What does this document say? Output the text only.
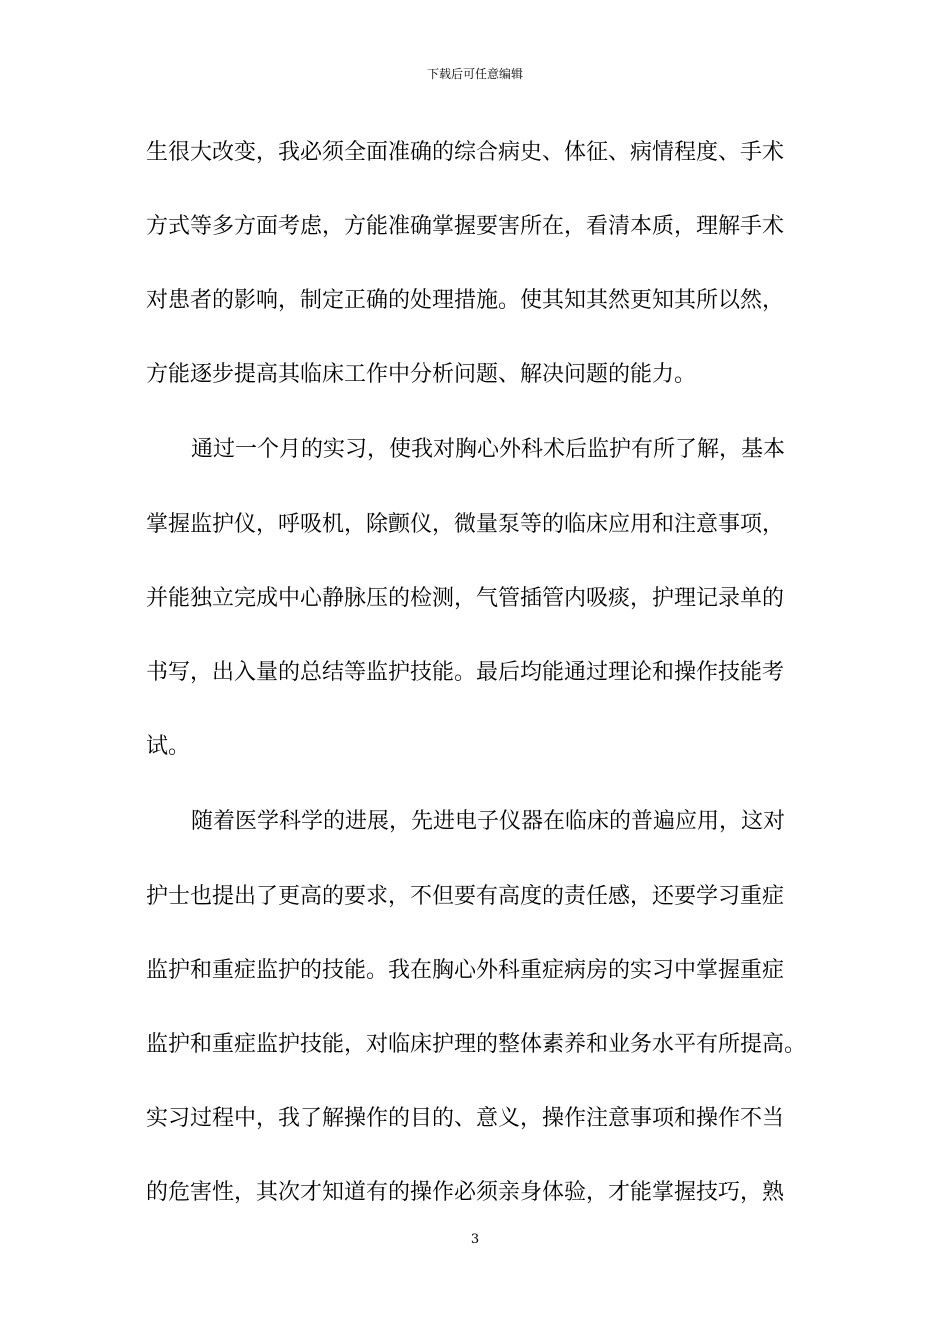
下载后可任意编辑
生很大改变，我必须全面准确的综合病史、体征、病情程度、手术
方式等多方面考虑，方能准确掌握要害所在，看清本质，理解手术
对患者的影响，制定正确的处理措施。使其知其然更知其所以然，
方能逐步提高其临床工作中分析问题、解决问题的能力。
通过一个月的实习，使我对胸心外科术后监护有所了解，基本
掌握监护仪，呼吸机，除颤仪，微量泵等的临床应用和注意事项，
并能独立完成中心静脉压的检测，气管插管内吸痰，护理记录单的
书写，出入量的总结等监护技能。最后均能通过理论和操作技能考
试。
随着医学科学的进展，先进电子仪器在临床的普遍应用，这对
护士也提出了更高的要求，不但要有高度的责任感，还要学习重症
监护和重症监护的技能。我在胸心外科重症病房的实习中掌握重症
监护和重症监护技能，对临床护理的整体素养和业务水平有所提高。
实习过程中，我了解操作的目的、意义，操作注意事项和操作不当
的危害性，其次才知道有的操作必须亲身体验，才能掌握技巧，熟
3
